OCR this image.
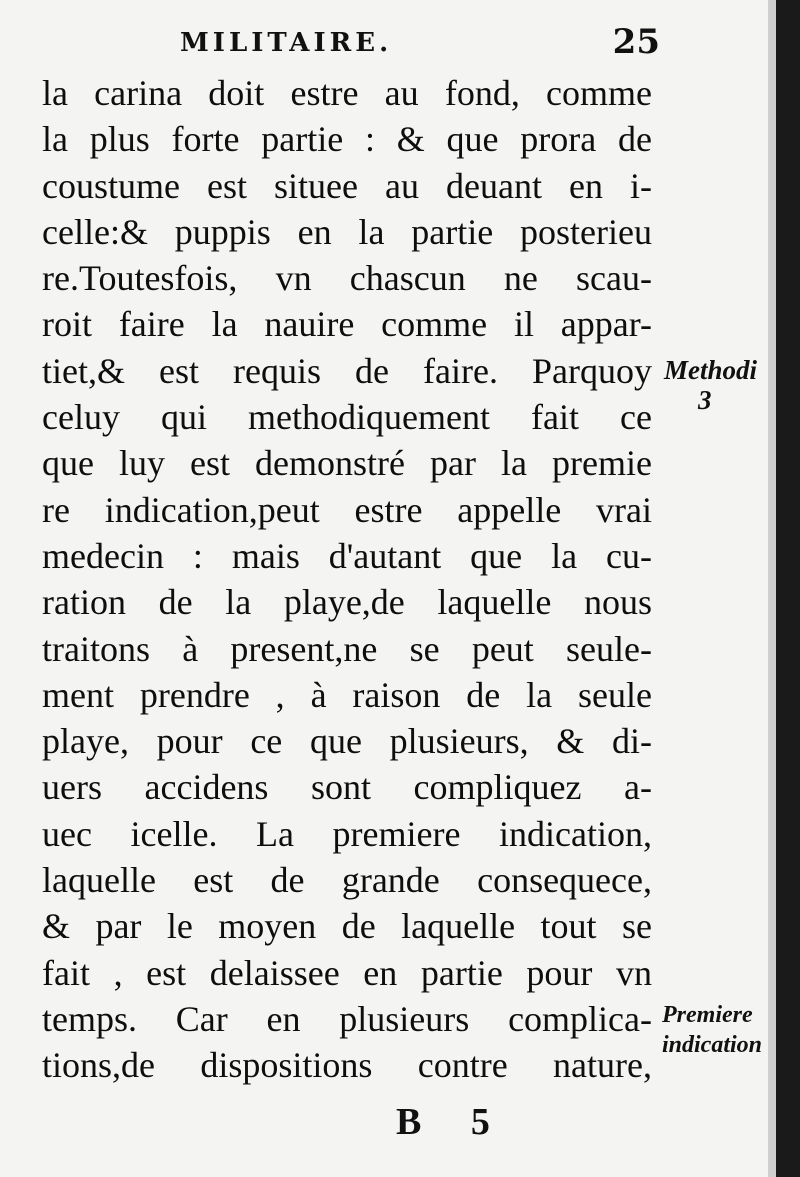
MILITAIRE.	25
la carina doit estre au fond, comme
la plus forte partie : & que prora de
coustume est situee au deuant en i-
celle:& puppis en la partie posterieu
re.Toutesfois, vn chascun ne scau-
roit faire la nauire comme il appar-
tiet,& est requis de faire. Parquoy
celuy qui methodiquement fait ce
que luy est demonstré par la premie
re indication,peut estre appelle vrai
medecin : mais d'autant que la cu-
ration de la playe,de laquelle nous
traitons à present,ne se peut seule-
ment prendre , à raison de la seule
playe, pour ce que plusieurs, & di-
uers accidens sont compliquez a-
uec icelle. La premiere indication,
laquelle est de grande consequece,
& par le moyen de laquelle tout se
fait , est delaissee en partie pour vn
temps. Car en plusieurs complica-
tions,de dispositions contre nature,
Methodi
3
Premiere
indication
B 5
